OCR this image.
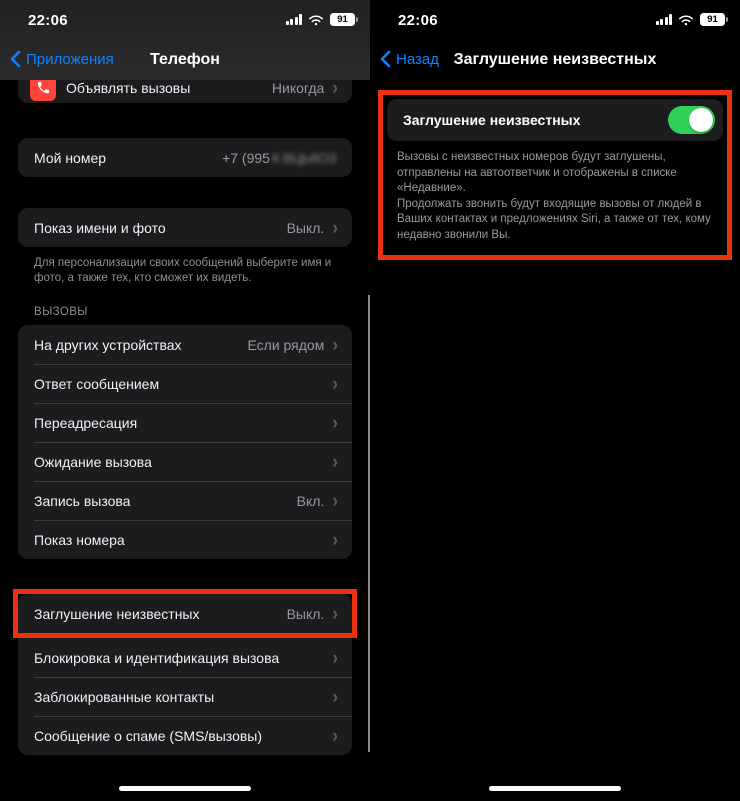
22:06	91
Приложения	Телефон
Объявлять вызовы	Никогда ›
Мой номер	+7 (995 К ВЦЬ6ОЗ
Показ имени и фото	Выкл. ›
Для персонализации своих сообщений выберите имя и фото, а также тех, кто сможет их видеть.
ВЫЗОВЫ
На других устройствах	Если рядом ›
Ответ сообщением	›
Переадресация	›
Ожидание вызова	›
Запись вызова	Вкл. ›
Показ номера	›
Заглушение неизвестных	Выкл. ›
Блокировка и идентификация вызова	›
Заблокированные контакты	›
Сообщение о спаме (SMS/вызовы)	›
22:06	91
Назад Заглушение неизвестных
Заглушение неизвестных

Вызовы с неизвестных номеров будут заглушены, отправлены на автоответчик и отображены в списке «Недавние».

Продолжать звонить будут входящие вызовы от людей в Ваших контактах и предложениях Siri, а также от тех, кому недавно звонили Вы.
